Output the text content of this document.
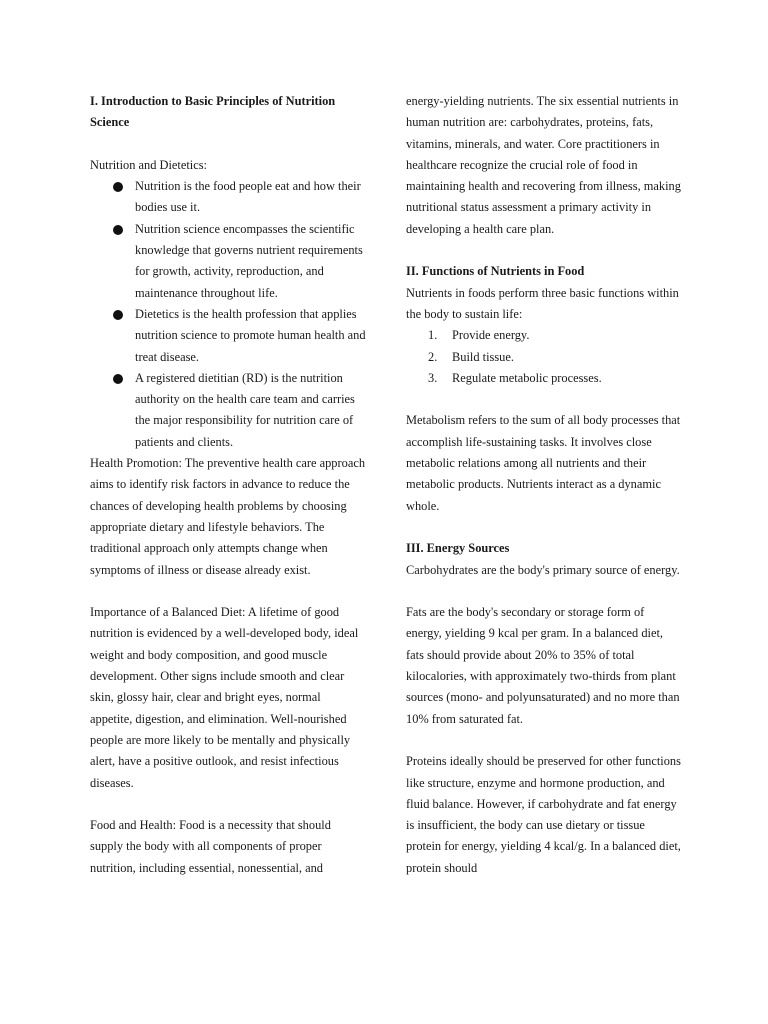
I. Introduction to Basic Principles of Nutrition Science

Nutrition and Dietetics:

Nutrition is the food people eat and how their bodies use it.
Nutrition science encompasses the scientific knowledge that governs nutrient requirements for growth, activity, reproduction, and maintenance throughout life.
Dietetics is the health profession that applies nutrition science to promote human health and treat disease.
A registered dietitian (RD) is the nutrition authority on the health care team and carries the major responsibility for nutrition care of patients and clients.

Health Promotion: The preventive health care approach aims to identify risk factors in advance to reduce the chances of developing health problems by choosing appropriate dietary and lifestyle behaviors. The traditional approach only attempts change when symptoms of illness or disease already exist.

Importance of a Balanced Diet: A lifetime of good nutrition is evidenced by a well-developed body, ideal weight and body composition, and good muscle development. Other signs include smooth and clear skin, glossy hair, clear and bright eyes, normal appetite, digestion, and elimination. Well-nourished people are more likely to be mentally and physically alert, have a positive outlook, and resist infectious diseases.

Food and Health: Food is a necessity that should supply the body with all components of proper nutrition, including essential, nonessential, and

energy-yielding nutrients. The six essential nutrients in human nutrition are: carbohydrates, proteins, fats, vitamins, minerals, and water. Core practitioners in healthcare recognize the crucial role of food in maintaining health and recovering from illness, making nutritional status assessment a primary activity in developing a health care plan.

II. Functions of Nutrients in Food

Nutrients in foods perform three basic functions within the body to sustain life:

1. Provide energy.
2. Build tissue.
3. Regulate metabolic processes.

Metabolism refers to the sum of all body processes that accomplish life-sustaining tasks. It involves close metabolic relations among all nutrients and their metabolic products. Nutrients interact as a dynamic whole.

III. Energy Sources

Carbohydrates are the body's primary source of energy.

Fats are the body's secondary or storage form of energy, yielding 9 kcal per gram. In a balanced diet, fats should provide about 20% to 35% of total kilocalories, with approximately two-thirds from plant sources (mono- and polyunsaturated) and no more than 10% from saturated fat.

Proteins ideally should be preserved for other functions like structure, enzyme and hormone production, and fluid balance. However, if carbohydrate and fat energy is insufficient, the body can use dietary or tissue protein for energy, yielding 4 kcal/g. In a balanced diet, protein should
